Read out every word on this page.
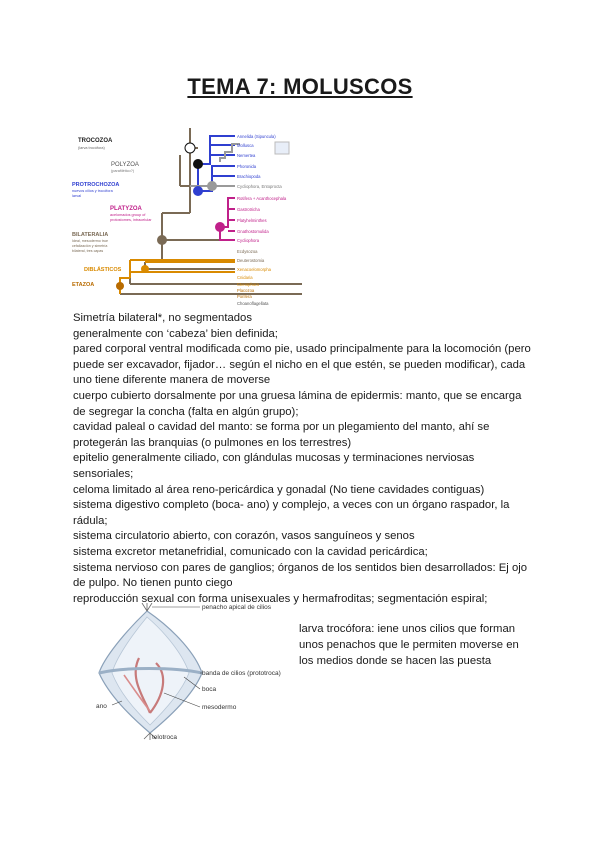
TEMA 7: MOLUSCOS
TROCOZOA
(larva trocófora)
POLYZOA
(parafilético?)
PROTROCHOZOA
nuevos cilios y trocófora
larval
PLATYZOA
acelomados group of
protostomes, intracelular
BILATERALIA
Ideal, mesodermo true
cefalización y simetría
bilateral, tres capas
DIBLÁSTICOS
ETAZOA
Annelida (Sipuncula)
Mollusca
Nemertea
Phoronida
Brachiopoda
Cycliophora, Entoprocta
Rotifera + Acanthocephala
Gastrotricha
Platyhelminthes
Gnathostomulida
Cycliophora
Ecdysozoa
Deuterostomia
Xenacoelomorpha
Cnidaria
Ctenophora
Placozoa
Porifera
Choanoflagellata

Simetría bilateral*, no segmentados

generalmente con ‘cabeza’ bien definida;

pared corporal ventral modificada como pie, usado principalmente para la locomoción (pero

puede ser excavador, fijador… según el nicho en el que estén, se pueden modificar), cada

uno tiene diferente manera de moverse

cuerpo cubierto dorsalmente por una gruesa lámina de epidermis: manto, que se encarga

de segregar la concha (falta en algún grupo);

cavidad paleal o cavidad del manto: se forma por un plegamiento del manto, ahí se

protegerán las branquias (o pulmones en los terrestres)

epitelio generalmente ciliado, con glándulas mucosas y terminaciones nerviosas

sensoriales;

celoma limitado al área reno-pericárdica y gonadal (No tiene cavidades contiguas)

sistema digestivo completo (boca- ano) y complejo, a veces con un órgano raspador, la

rádula;

sistema circulatorio abierto, con corazón, vasos sanguíneos y senos

sistema excretor metanefridial, comunicado con la cavidad pericárdica;

sistema nervioso con pares de ganglios; órganos de los sentidos bien desarrollados: Ej ojo

de pulpo. No tienen punto ciego

reproducción sexual con forma unisexuales y hermafroditas; segmentación espiral;

penacho apical de cilios
banda de cilios (prototroca)
boca
mesodermo
ano
telotroca

larva trocófora: iene unos cilios que forman unos penachos que le permiten moverse en los medios donde se hacen las puesta
